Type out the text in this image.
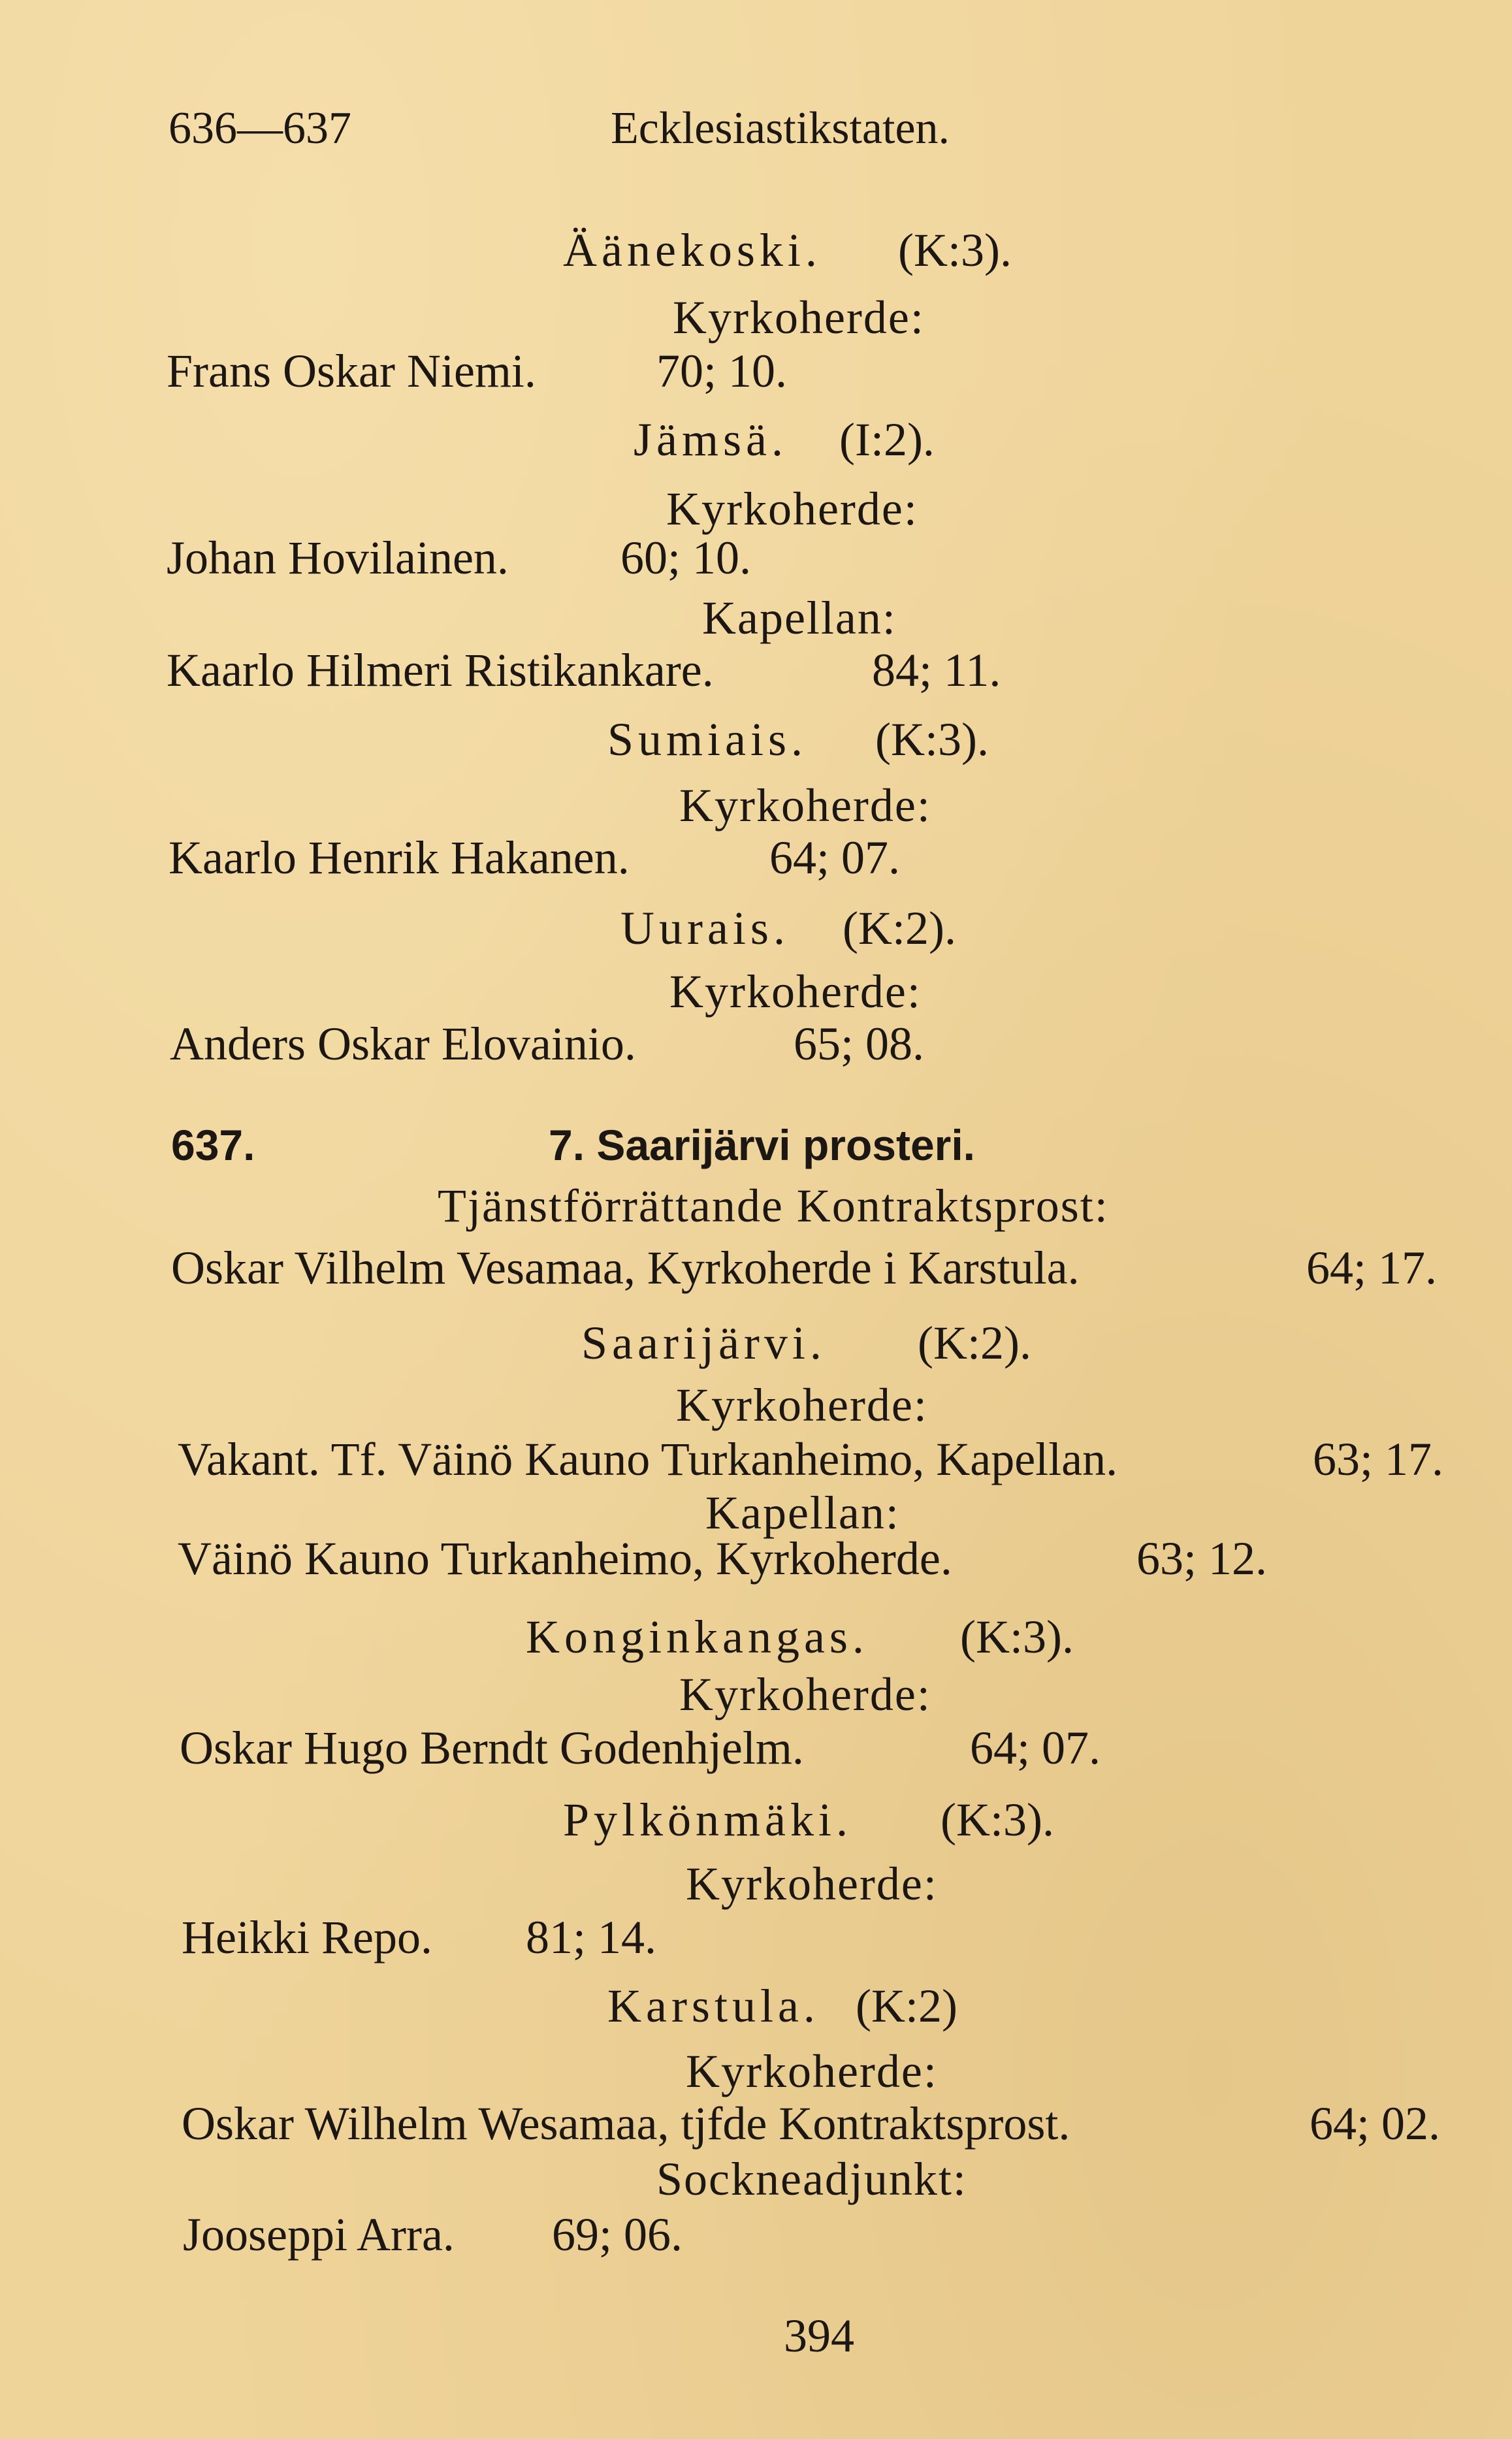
636—637	Ecklesiastikstaten.
Äänekoski. (K:3).
Kyrkoherde:
Frans Oskar Niemi.	70; 10.
Jämsä. (I:2).
Kyrkoherde:
Johan Hovilainen. 60; 10.
Kapellan:
Kaarlo Hilmeri Ristikankare.	84; 11.
Sumiais. (K:3).
Kyrkoherde:
Kaarlo Henrik Hakanen.	64; 07.
Uurais. (K:2).
Kyrkoherde:
Anders Oskar Elovainio.	65; 08.
637.	7. Saarijärvi prosteri.
Tjänstförrättande Kontraktsprost:
Oskar Vilhelm Vesamaa, Kyrkoherde i Karstula.	64; 17.
Saarijärvi. (K:2).
Kyrkoherde:
Vakant. Tf. Väinö Kauno Turkanheimo, Kapellan.	63; 17.
Kapellan:
Väinö Kauno Turkanheimo, Kyrkoherde.	63; 12.
Konginkangas. (K:3).
Kyrkoherde:
Oskar Hugo Berndt Godenhjelm.	64; 07.
Pylkönmäki. (K:3).
Kyrkoherde:
Heikki Repo. 81; 14.
Karstula. (K:2)
Kyrkoherde:
Oskar Wilhelm Wesamaa, tjfde Kontraktsprost.	64; 02.
Sockneadjunkt:
Jooseppi Arra. 69; 06.
394
